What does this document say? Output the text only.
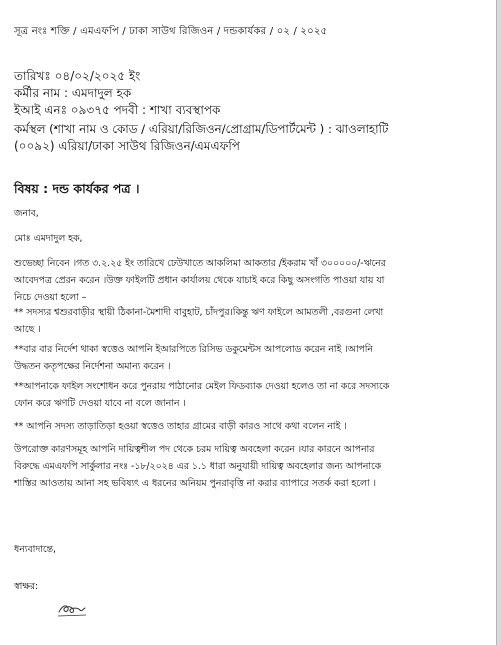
সূত্র নংঃ শক্তি / এমএফপি / ঢাকা সাউথ রিজিওন / দন্ডকার্যকর / ০২ / ২০২৫
তারিখঃ ০৪/০২/২০২৫ ইং
কর্মীর নাম : এমদাদুল হক
ইআই এনঃ ০৯৩৭৫ পদবী : শাখা ব্যবস্থাপক
কর্মস্থল (শাখা নাম ও কোড / এরিয়া/রিজিওন/প্রোগ্রাম/ডিপার্টমেন্ট ) : ঝাওলাহাটি
(০০৯২) এরিয়া/ঢাকা সাউথ রিজিওন/এমএফপি
বিষয় : দন্ড কার্যকর পত্র ।
জনাব,
মোঃ এমদাদুল হক,
শুভেচ্ছা নিবেন ।গত ৩.২.২৫ ইং তারিখে ঢেউখাতে আকলিমা আকতার /ইকরাম খাঁ ৩০০০০০/-ঋনের
আবেদপত্র প্রেরন করেন ।উক্ত ফাইলটি প্রধান কার্যালয় থেকে যাচাই করে কিছু অসংগতি পাওয়া যায় যা
নিচে দেওয়া হলো –
** সদস্যর শ্বশুরবাড়ীর স্থায়ী ঠিকানা-মৈশাদী বাবুহাট, চাঁদপুর।কিন্তু ঋণ ফাইলে আমতলী ,বরগুনা লেখা
আছে ।
**বার বার নির্দেশ থাকা স্বত্তেও আপনি ইআরপিতে রিসিভ ডকুমেন্টস আপলোড করেন নাই ।আপনি
উদ্ধতন কতৃপক্ষের নির্দেশনা অমান্য করেন ।
**আপনাকে ফাইল সংশোধন করে পুনরায় পাঠানোর মেইল ফিডব্যাক দেওয়া হলেও তা না করে সদস্যকে
ফোন করে ঋণটি দেওয়া যাবে না বলে জানান ।
** আপনি সদস্য তাড়াতিড়া হওয়া স্বত্তেও তাহার গ্রামের বাড়ী কারও সাথে কথা বলেন নাই ।
উপরোক্ত কারণসমূহ আপনি দায়িত্বশীল পদ থেকে চরম দায়িত্ব অবহেলা করেন ।যার কারনে আপনার
বিরুদ্ধে এমএফপি সার্কুলার নংঃ -১৮/২০২৪ এর ১.১ ধারা অনুযায়ী দায়িত্ব অবহেলার জন্য আপনাকে
শাস্তির আওতায় আনা সহ ভবিষ্যৎ এ ধরনের অনিয়ম পুনরাবৃত্তি না করার ব্যাপারে সতর্ক করা হলো ।
ধন্যবাদান্তে,
স্বাক্ষর:
